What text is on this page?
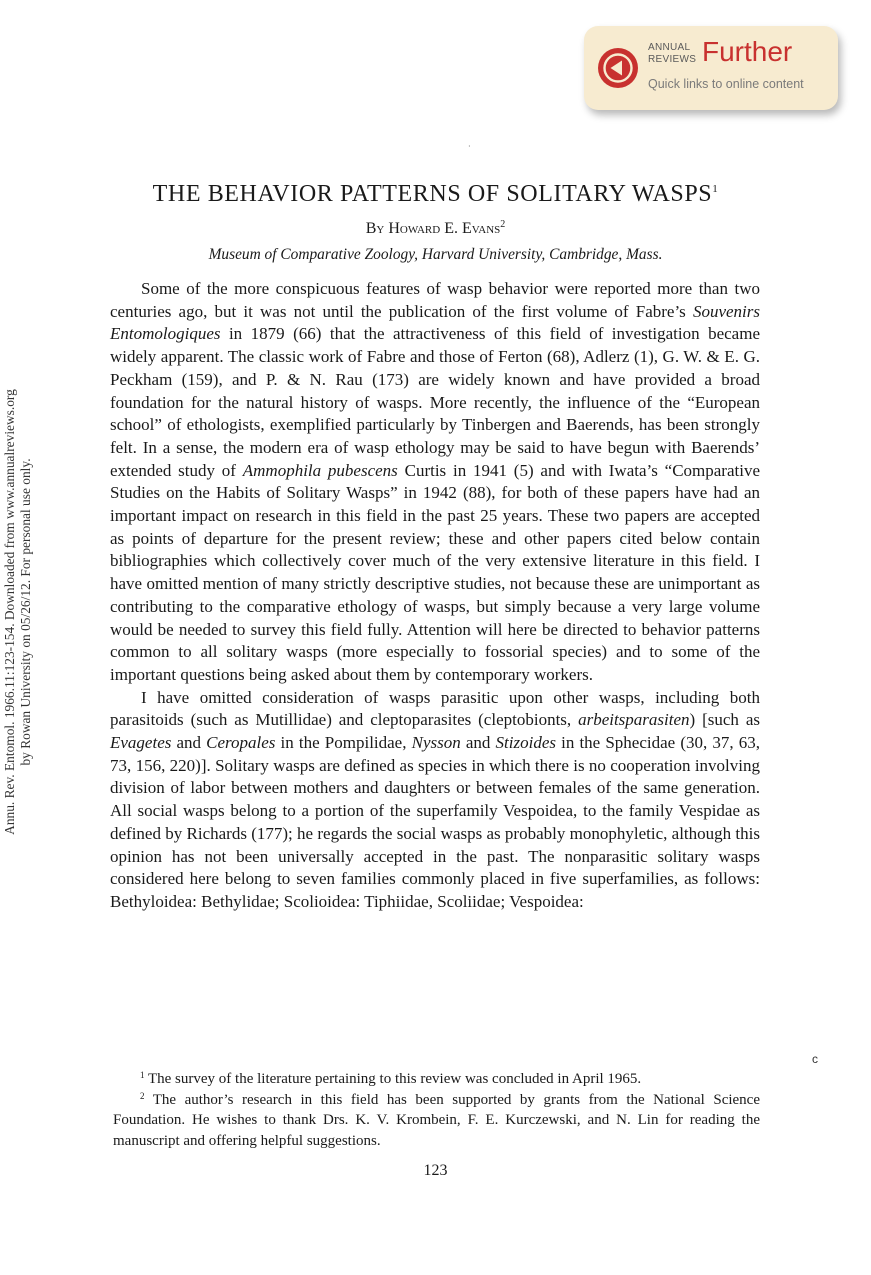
ANNUAL
REVIEWS Further
Quick links to online content
Annu. Rev. Entomol. 1966.11:123-154. Downloaded from www.annualreviews.org by Rowan University on 05/26/12. For personal use only.
·
THE BEHAVIOR PATTERNS OF SOLITARY WASPS$^1$
By Howard E. Evans$^2$
Museum of Comparative Zoology, Harvard University, Cambridge, Mass.

Some of the more conspicuous features of wasp behavior were reported more than two centuries ago, but it was not until the publication of the first volume of Fabre’s Souvenirs Entomologiques in 1879 (66) that the attractiveness of this field of investigation became widely apparent. The classic work of Fabre and those of Ferton (68), Adlerz (1), G. W. & E. G. Peckham (159), and P. & N. Rau (173) are widely known and have provided a broad foundation for the natural history of wasps. More recently, the influence of the “European school” of ethologists, exemplified particularly by Tinbergen and Baerends, has been strongly felt. In a sense, the modern era of wasp ethology may be said to have begun with Baerends’ extended study of Ammophila pubescens Curtis in 1941 (5) and with Iwata’s “Comparative Studies on the Habits of Solitary Wasps” in 1942 (88), for both of these papers have had an important impact on research in this field in the past 25 years. These two papers are accepted as points of departure for the present review; these and other papers cited below contain bibliographies which collectively cover much of the very extensive literature in this field. I have omitted mention of many strictly descriptive studies, not because these are unimportant as contributing to the comparative ethology of wasps, but simply because a very large volume would be needed to survey this field fully. Attention will here be directed to behavior patterns common to all solitary wasps (more especially to fossorial species) and to some of the important questions being asked about them by contemporary workers.

I have omitted consideration of wasps parasitic upon other wasps, including both parasitoids (such as Mutillidae) and cleptoparasites (cleptobionts, arbeitsparasiten) [such as Evagetes and Ceropales in the Pompilidae, Nysson and Stizoides in the Sphecidae (30, 37, 63, 73, 156, 220)]. Solitary wasps are defined as species in which there is no cooperation involving division of labor between mothers and daughters or between females of the same generation. All social wasps belong to a portion of the superfamily Vespoidea, to the family Vespidae as defined by Richards (177); he regards the social wasps as probably monophyletic, although this opinion has not been universally accepted in the past. The nonparasitic solitary wasps considered here belong to seven families commonly placed in five superfamilies, as follows: Bethyloidea: Bethylidae; Scolioidea: Tiphiidae, Scoliidae; Vespoidea:

c

$^1$ The survey of the literature pertaining to this review was concluded in April 1965.

$^2$ The author’s research in this field has been supported by grants from the National Science Foundation. He wishes to thank Drs. K. V. Krombein, F. E. Kurczewski, and N. Lin for reading the manuscript and offering helpful suggestions.

123
